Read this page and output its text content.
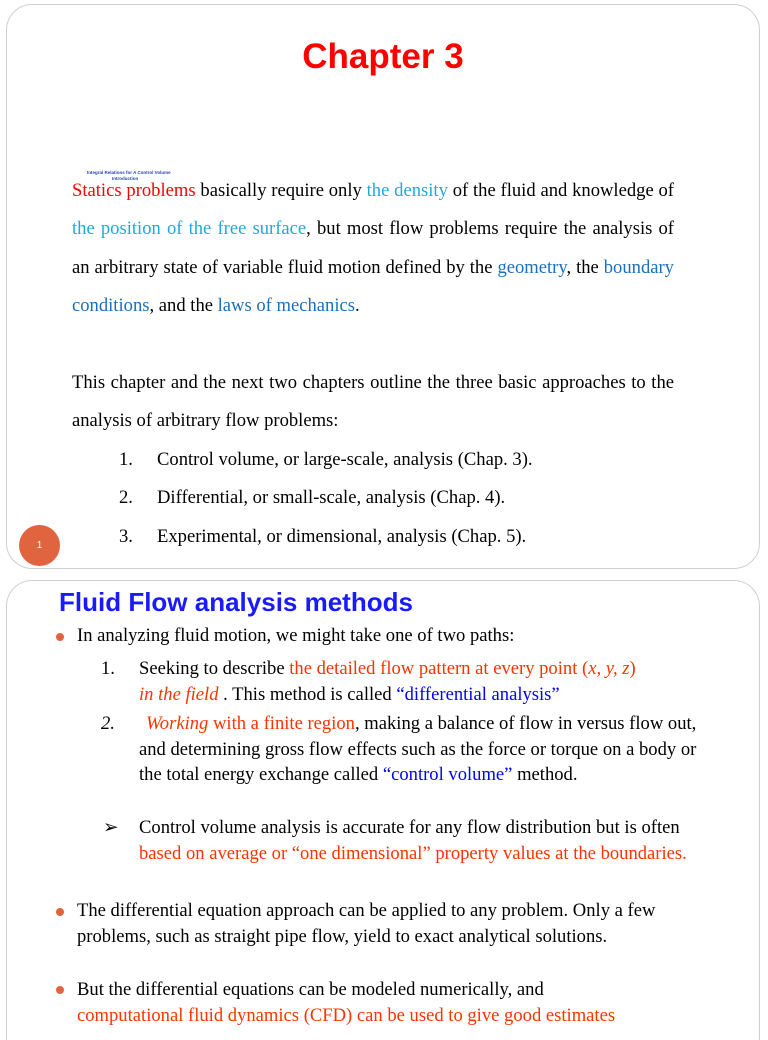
Chapter 3
Integral Relations for A Control Volume
Introduction

Statics problems basically require only the density of the fluid and knowledge of the position of the free surface, but most flow problems require the analysis of an arbitrary state of variable fluid motion defined by the geometry, the boundary conditions, and the laws of mechanics.

This chapter and the next two chapters outline the three basic approaches to the analysis of arbitrary flow problems:

1.	Control volume, or large-scale, analysis (Chap. 3).
2.	Differential, or small-scale, analysis (Chap. 4).
3.	Experimental, or dimensional, analysis (Chap. 5).
1
Fluid Flow analysis methods

In analyzing fluid motion, we might take one of two paths:

1. Seeking to describe the detailed flow pattern at every point (x, y, z)
in the field . This method is called “differential analysis”

2.	Working with a finite region, making a balance of flow in versus flow out, and determining gross flow effects such as the force or torque on a body or the total energy exchange called “control volume” method.

➢ Control volume analysis is accurate for any flow distribution but is often based on average or “one dimensional” property values at the boundaries.

The differential equation approach can be applied to any problem. Only a few problems, such as straight pipe flow, yield to exact analytical solutions.

But the differential equations can be modeled numerically, and
computational fluid dynamics (CFD) can be used to give good estimates
